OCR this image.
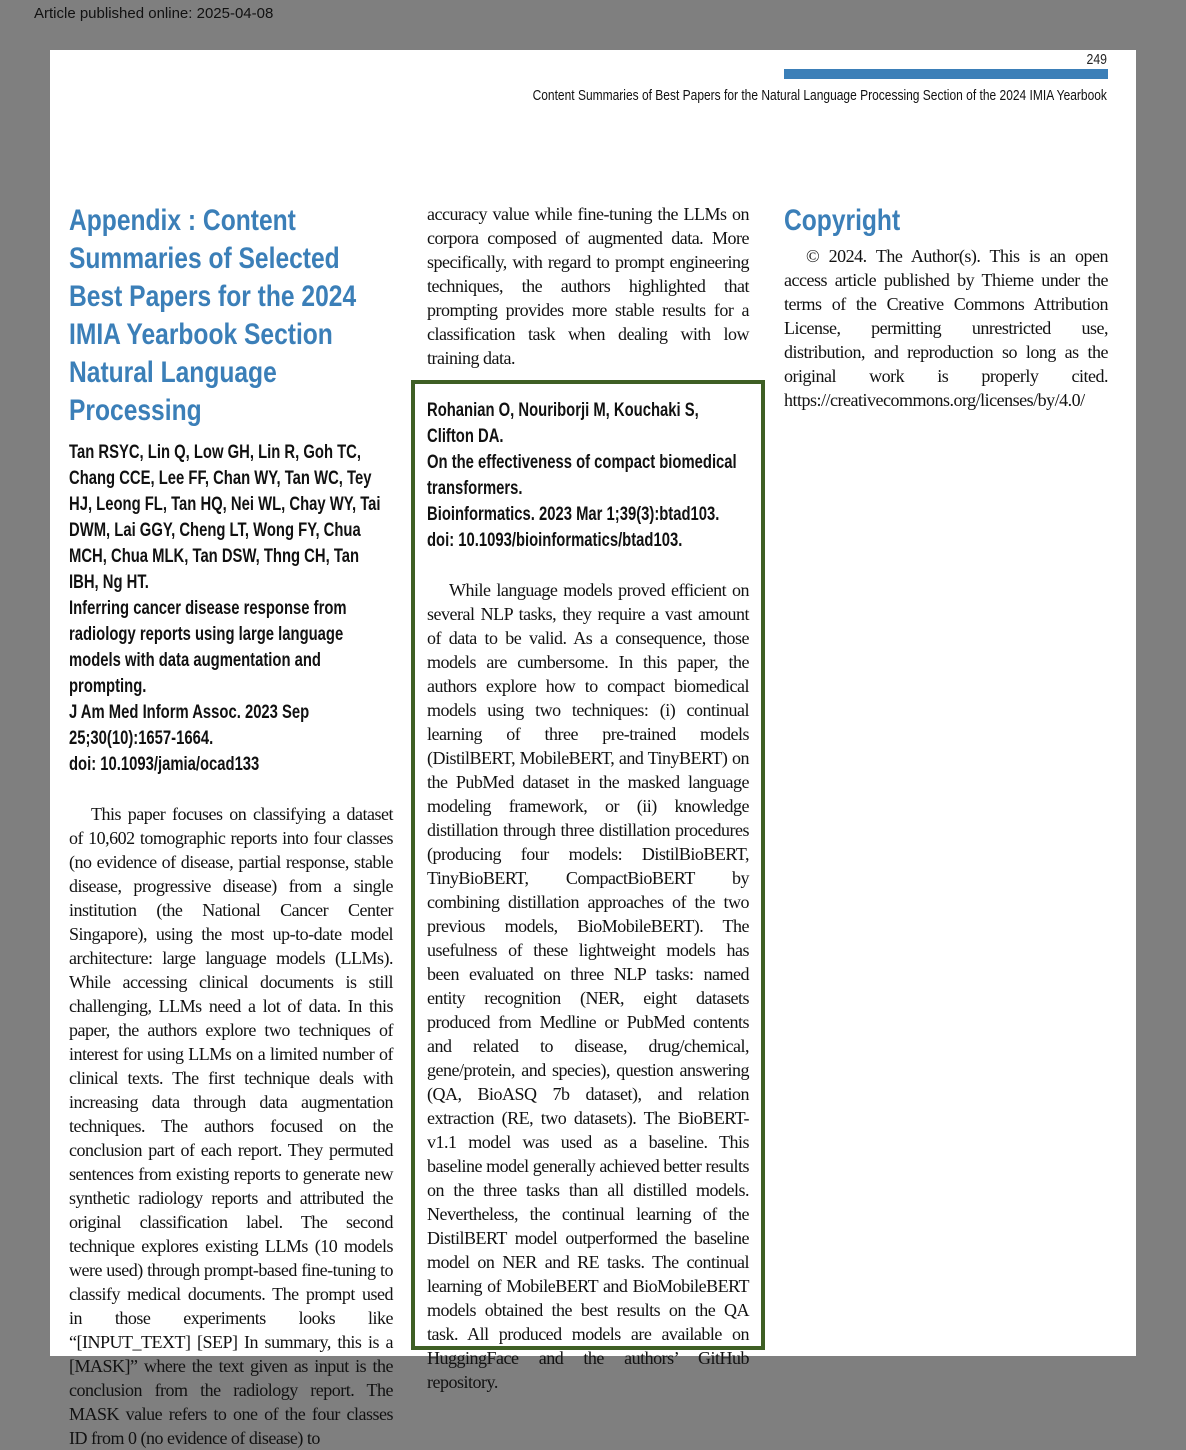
Article published online: 2025-04-08
249
Content Summaries of Best Papers for the Natural Language Processing Section of the 2024 IMIA Yearbook
Appendix : Content Summaries of Selected Best Papers for the 2024 IMIA Yearbook Section Natural Language Processing
Tan RSYC, Lin Q, Low GH, Lin R, Goh TC, Chang CCE, Lee FF, Chan WY, Tan WC, Tey HJ, Leong FL, Tan HQ, Nei WL, Chay WY, Tai DWM, Lai GGY, Cheng LT, Wong FY, Chua MCH, Chua MLK, Tan DSW, Thng CH, Tan IBH, Ng HT.
Inferring cancer disease response from radiology reports using large language models with data augmentation and prompting.
J Am Med Inform Assoc. 2023 Sep 25;30(10):1657-1664.
doi: 10.1093/jamia/ocad133

This paper focuses on classifying a dataset of 10,602 tomographic reports into four classes (no evidence of disease, partial response, stable disease, progressive disease) from a single institution (the National Cancer Center Singapore), using the most up-to-date model architecture: large language models (LLMs). While accessing clinical documents is still challenging, LLMs need a lot of data. In this paper, the authors explore two techniques of interest for using LLMs on a limited number of clinical texts. The first technique deals with increasing data through data augmentation techniques. The authors focused on the conclusion part of each report. They permuted sentences from existing reports to generate new synthetic radiology reports and attributed the original classification label. The second technique explores existing LLMs (10 models were used) through prompt-based fine-tuning to classify medical documents. The prompt used in those experiments looks like “[INPUT_TEXT] [SEP] In summary, this is a [MASK]” where the text given as input is the conclusion from the radiology report. The MASK value refers to one of the four classes ID from 0 (no evidence of disease) to

accuracy value while fine-tuning the LLMs on corpora composed of augmented data. More specifically, with regard to prompt engineering techniques, the authors highlighted that prompting provides more stable results for a classification task when dealing with low training data.

Rohanian O, Nouriborji M, Kouchaki S, Clifton DA.
On the effectiveness of compact biomedical transformers.
Bioinformatics. 2023 Mar 1;39(3):btad103.
doi: 10.1093/bioinformatics/btad103.

While language models proved efficient on several NLP tasks, they require a vast amount of data to be valid. As a consequence, those models are cumbersome. In this paper, the authors explore how to compact biomedical models using two techniques: (i) continual learning of three pre-trained models (DistilBERT, MobileBERT, and TinyBERT) on the PubMed dataset in the masked language modeling framework, or (ii) knowledge distillation through three distillation procedures (producing four models: DistilBioBERT, TinyBioBERT, CompactBioBERT by combining distillation approaches of the two previous models, BioMobileBERT). The usefulness of these lightweight models has been evaluated on three NLP tasks: named entity recognition (NER, eight datasets produced from Medline or PubMed contents and related to disease, drug/chemical, gene/protein, and species), question answering (QA, BioASQ 7b dataset), and relation extraction (RE, two datasets). The BioBERT-v1.1 model was used as a baseline. This baseline model generally achieved better results on the three tasks than all distilled models. Nevertheless, the continual learning of the DistilBERT model outperformed the baseline model on NER and RE tasks. The continual learning of MobileBERT and BioMobileBERT models obtained the best results on the QA task. All produced models are available on HuggingFace and the authors’ GitHub repository.

Copyright

© 2024. The Author(s). This is an open access article published by Thieme under the terms of the Creative Commons Attribution License, permitting unrestricted use, distribution, and reproduction so long as the original work is properly cited. https://creativecommons.org/licenses/by/4.0/
